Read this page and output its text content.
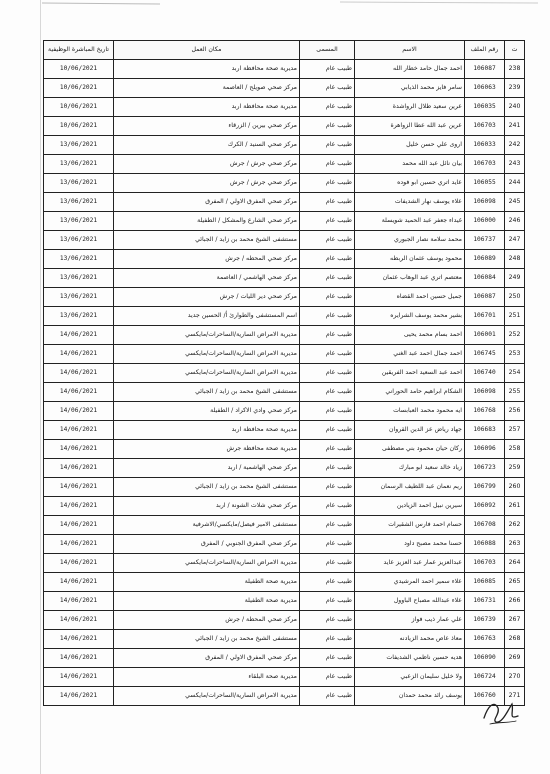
ت	رقم الملف	الاسم	المسمى	مكان العمل	تاريخ المباشرة الوظيفية
238	106087	احمد جمال حامد خطار الله	طبيب عام	مديرية صحة محافظة اربد	10/06/2021
239	106063	سامر فايز محمد الذيابي	طبيب عام	مركز صحي صويلح / العاصمة	10/06/2021
240	106035	عرين سعيد طلال الرواشدة	طبيب عام	مديرية صحة محافظة اربد	10/06/2021
241	106703	عرين عبد الله عطا الزواهرة	طبيب عام	مركز صحي بيرين / الزرقاء	10/06/2021
242	106033	اروى علي حسن خليل	طبيب عام	مركز صحي السنيد / الكرك	13/06/2021
243	106703	بيان نائل عبد الله محمد	طبيب عام	مركز صحي جرش / جرش	13/06/2021
244	106055	عايد اتري حسين ابو فوده	طبيب عام	مركز صحي جرش / جرش	13/06/2021
245	106098	علاء يوسف نهار الشديفات	طبيب عام	مركز صحي المفرق الاولي / المفرق	13/06/2021
246	106000	غيداء جعفر عبد الحميد شويسلة	طبيب عام	مركز صحي الشارع والمشكل / الطفيلة	13/06/2021
247	106737	محمد سلامة نصار الجبوري	طبيب عام	مستشفى الشيخ محمد بن زايد / الجبائي	13/06/2021
248	106089	محمود يوسف عثمان الربطه	طبيب عام	مركز صحي المحطه / جرش	13/06/2021
249	106084	معتصم اتري عبد الوهاب عثمان	طبيب عام	مركز صحي الهاشمي / العاصمة	13/06/2021
250	106087	جميل حسين احمد القضاه	طبيب عام	مركز صحي دير الليات / جرش	13/06/2021
251	106701	بشير محمد يوسف الشرايره	طبيب عام	اسم المستشفى والطوارئ أ/ الحسين جديد	13/06/2021
252	106001	احمد بسام محمد يحيى	طبيب عام	مديرية الامراض السارية/الساحرات/مايكسي	14/06/2021
253	106745	احمد جمال احمد عبد الغني	طبيب عام	مديرية الامراض السارية/الساحرات/مايكسي	14/06/2021
254	106740	احمد عبد السعيد احمد الفريقين	طبيب عام	مديرية الامراض السارية/الساحرات/مايكسي	14/06/2021
255	106098	الشكام ابراهيم حامد الحوراني	طبيب عام	مستشفى الشيخ محمد بن زايد / الجبائي	14/06/2021
256	106768	ايه محمود محمد العبابسات	طبيب عام	مركز صحي وادي الاكراد / الطفيلة	14/06/2021
257	106683	جهاد رياض عز الدين القروان	طبيب عام	مديرية صحة محافظة اربد	14/06/2021
258	106096	ركان حيان محمود بني مصطفى	طبيب عام	مديرية صحة محافظة جرش	14/06/2021
259	106723	زياد خالد سعيد ابو مبارك	طبيب عام	مركز صحي الهاشمية / اربد	14/06/2021
260	106799	ريم نعمان عبد اللطيف الرسمان	طبيب عام	مستشفى الشيخ محمد بن زايد / الجبائي	14/06/2021
261	106092	سيرين نبيل احمد الزيادين	طبيب عام	مركز صحي شلات الشونة / اربد	14/06/2021
262	106708	حسام احمد فارس الشقيرات	طبيب عام	مستشفى الامير فيصل/مايكسي/الاشرفية	14/06/2021
263	106088	حسنا محمد مصبح داود	طبيب عام	مركز صحي المفرق الجنوبي / المفرق	14/06/2021
264	106703	عبدالعزيز عمار عبد العزيز عايد	طبيب عام	مديرية الامراض السارية/الساحرات/مايكسي	14/06/2021
265	106085	علاء سمير احمد المرشيدي	طبيب عام	مديرية صحة الطفيلة	14/06/2021
266	106731	علاء عبدالله مصباح الباوول	طبيب عام	مديرية صحة الطفيلة	14/06/2021
267	106739	علي عمار ذيب فواز	طبيب عام	مركز صحي المحطة / جرش	14/06/2021
268	106763	معاذ عاص محمد الزيادنه	طبيب عام	مستشفى الشيخ محمد بن زايد / الجبائي	14/06/2021
269	106090	هديه حسين ناظمي الشديفات	طبيب عام	مركز صحي المفرق الاولي / المفرق	14/06/2021
270	106724	ولا خليل سليمان الزعبي	طبيب عام	مديرية صحة البلقاء	14/06/2021
271	106760	يوسف رائد محمد حمدان	طبيب عام	مديرية الامراض السارية/الساحرات/مايكسي	14/06/2021
